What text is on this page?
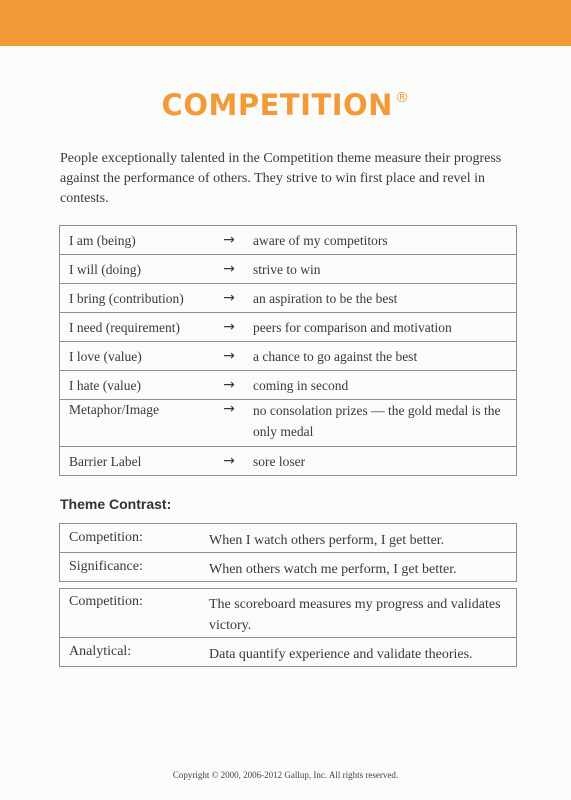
COMPETITION ®
People exceptionally talented in the Competition theme measure their progress against the performance of others. They strive to win first place and revel in contests.
I am (being)	→	aware of my competitors
I will (doing)	→	strive to win
I bring (contribution)	→	an aspiration to be the best
I need (requirement)	→	peers for comparison and motivation
I love (value)	→	a chance to go against the best
I hate (value)	→	coming in second
Metaphor/Image	→	no consolation prizes — the gold medal is the only medal
Barrier Label	→	sore loser
Theme Contrast:
Competition:	When I watch others perform, I get better.
Significance:	When others watch me perform, I get better.
Competition:	The scoreboard measures my progress and validates victory.
Analytical:	Data quantify experience and validate theories.
Copyright © 2000, 2006-2012 Gallup, Inc. All rights reserved.
